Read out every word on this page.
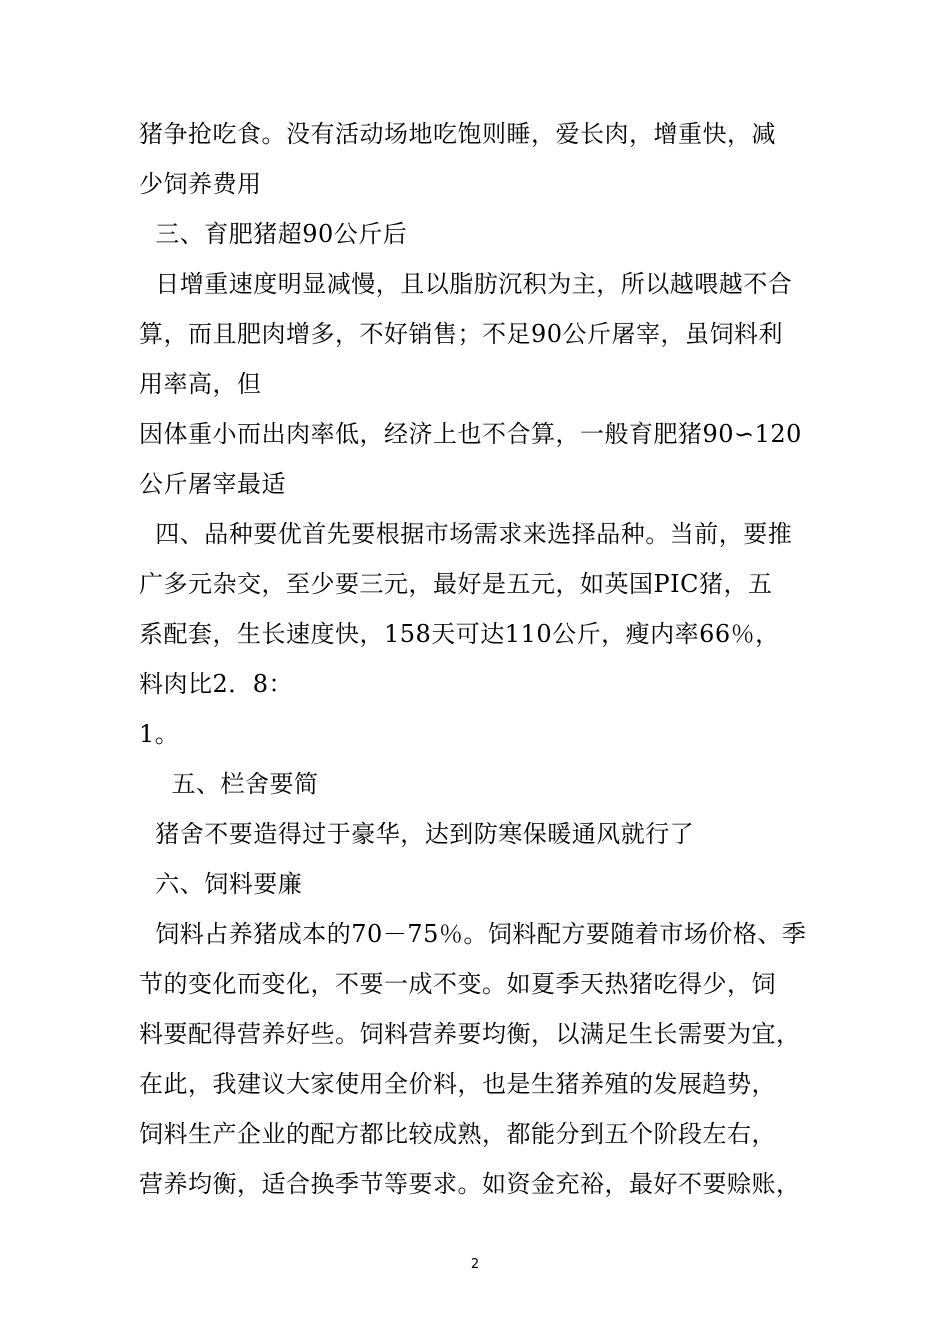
猪争抢吃食。没有活动场地吃饱则睡，爱长肉，增重快，减
少饲养费用
三、育肥猪超90公斤后
日增重速度明显减慢，且以脂肪沉积为主，所以越喂越不合
算，而且肥肉增多，不好销售；不足90公斤屠宰，虽饲料利
用率高，但
因体重小而出肉率低，经济上也不合算，一般育肥猪90∽120
公斤屠宰最适
四、品种要优首先要根据市场需求来选择品种。当前，要推
广多元杂交，至少要三元，最好是五元，如英国PIC猪，五
系配套，生长速度快，158天可达110公斤，瘦内率66％，
料肉比2．8：
1。
五、栏舍要简
猪舍不要造得过于豪华，达到防寒保暖通风就行了
六、饲料要廉
饲料占养猪成本的70－75％。饲料配方要随着市场价格、季
节的变化而变化，不要一成不变。如夏季天热猪吃得少，饲
料要配得营养好些。饲料营养要均衡，以满足生长需要为宜，
在此，我建议大家使用全价料，也是生猪养殖的发展趋势，
饲料生产企业的配方都比较成熟，都能分到五个阶段左右，
营养均衡，适合换季节等要求。如资金充裕，最好不要赊账，
2
